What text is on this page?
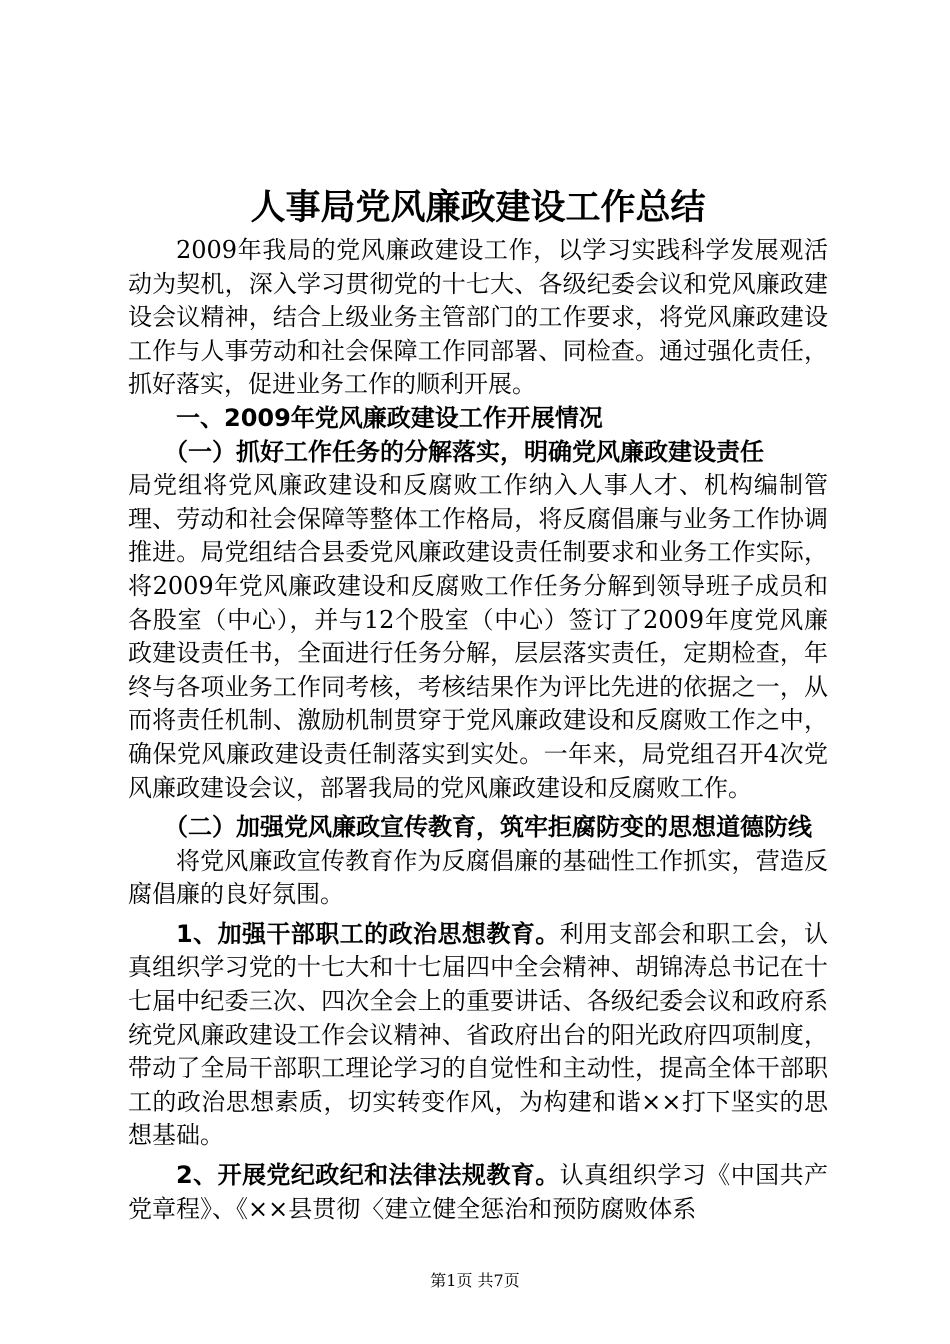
人事局党风廉政建设工作总结

2009年我局的党风廉政建设工作，以学习实践科学发展观活动为契机，深入学习贯彻党的十七大、各级纪委会议和党风廉政建设会议精神，结合上级业务主管部门的工作要求，将党风廉政建设工作与人事劳动和社会保障工作同部署、同检查。通过强化责任，抓好落实，促进业务工作的顺利开展。

一、2009年党风廉政建设工作开展情况

（一）抓好工作任务的分解落实，明确党风廉政建设责任

局党组将党风廉政建设和反腐败工作纳入人事人才、机构编制管理、劳动和社会保障等整体工作格局，将反腐倡廉与业务工作协调推进。局党组结合县委党风廉政建设责任制要求和业务工作实际，将2009年党风廉政建设和反腐败工作任务分解到领导班子成员和各股室（中心），并与12个股室（中心）签订了2009年度党风廉政建设责任书，全面进行任务分解，层层落实责任，定期检查，年终与各项业务工作同考核，考核结果作为评比先进的依据之一，从而将责任机制、激励机制贯穿于党风廉政建设和反腐败工作之中，确保党风廉政建设责任制落实到实处。一年来，局党组召开4次党风廉政建设会议，部署我局的党风廉政建设和反腐败工作。

（二）加强党风廉政宣传教育，筑牢拒腐防变的思想道德防线

将党风廉政宣传教育作为反腐倡廉的基础性工作抓实，营造反腐倡廉的良好氛围。

1、加强干部职工的政治思想教育。利用支部会和职工会，认真组织学习党的十七大和十七届四中全会精神、胡锦涛总书记在十七届中纪委三次、四次全会上的重要讲话、各级纪委会议和政府系统党风廉政建设工作会议精神、省政府出台的阳光政府四项制度，带动了全局干部职工理论学习的自觉性和主动性，提高全体干部职工的政治思想素质，切实转变作风，为构建和谐××打下坚实的思想基础。

2、开展党纪政纪和法律法规教育。认真组织学习《中国共产党章程》、《××县贯彻〈建立健全惩治和预防腐败体系

第1页 共7页
